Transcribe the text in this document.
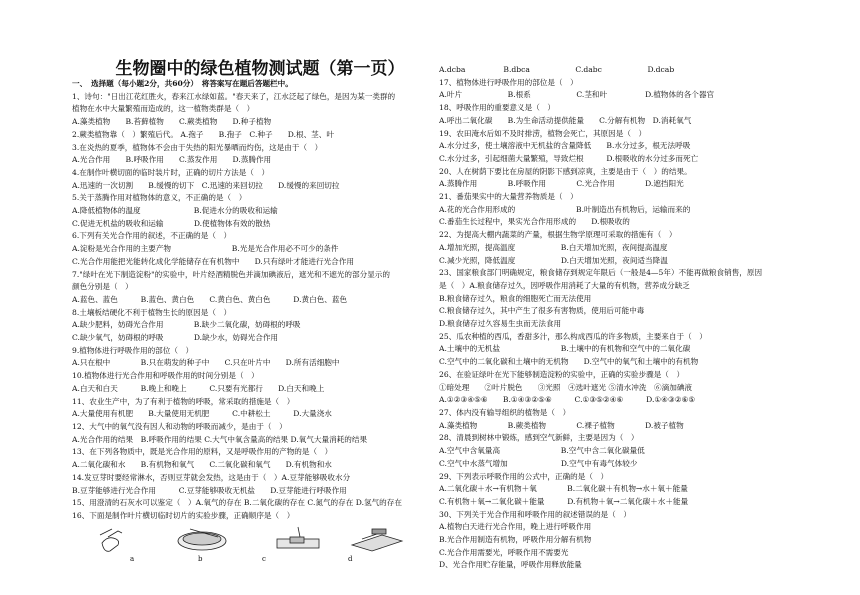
生物圈中的绿色植物测试题（第一页）
一、　选择题（每小题2分，共60分）　将答案写在题后答题栏中。
1、诗句："日出江花红胜火，春来江水绿如蓝。"春天来了，江水泛起了绿色，是因为某一类群的
植物在水中大量繁殖而造成的，这一植物类群是（　）
A.藻类植物　　B.苔藓植物　　C.蕨类植物　　D.种子植物
2.蕨类植物靠（　）繁殖后代。 A.孢子　　B.孢子　C.种子　　D.根、茎、叶
3.在炎热的夏季，植物体不会由于失热的阳光暴晒而灼伤，这是由于（　）
A.光合作用　　B.呼吸作用　　C.蒸发作用　　D.蒸腾作用
4.在制作叶横切面的临时装片时，正确的切片方法是（　）
A.迅速的一次切割　　B.缓慢的切下　C.迅速的来回切拉　　D.缓慢的来回切拉
5.关于蒸腾作用对植物体的意义，不正确的是（　）
A.降低植物体的温度　　　　　　　B.促进水分的吸收和运输
C.促进无机盐的吸收和运输　　　　D.使植物体有效的散热
6.下列有关光合作用的叙述，不正确的是（　）
A.淀粉是光合作用的主要产物　　　　　　　　B.光是光合作用必不可少的条件
C.光合作用能把光能转化成化学能储存在有机物中　　D.只有绿叶才能进行光合作用
7."绿叶在光下制造淀粉"的实验中，叶片经酒精脱色并滴加碘液后，遮光和不遮光的部分显示的
颜色分别是（　）
A.蓝色、蓝色　　　B.蓝色、黄白色　　C.黄白色、黄白色　　　D.黄白色、蓝色
8.土壤板结硬化不利于植物生长的原因是（　）
A.缺少肥料，妨碍光合作用　　　　B.缺少二氧化碳，妨碍根的呼吸
C.缺少氧气，妨碍根的呼吸　　　　D.缺少水，妨碍光合作用
9.植物体进行呼吸作用的部位（　）
A.只在根中　　　　B.只在萌发的种子中　　C.只在叶片中　　D.所有活细胞中
10.植物体进行光合作用和呼吸作用的时间分别是（　）
A.白天和白天　　　B.晚上和晚上　　　C.只要有光都行　　D.白天和晚上
11、农业生产中，为了有利于植物的呼吸，常采取的措施是（　）
A.大量使用有机肥　　B.大量使用无机肥　　　C.中耕松土　　　D.大量浇水
12、大气中的氧气没有因人和动物的呼吸而减少，是由于（　）
A.光合作用的结果　B.呼吸作用的结果 C.大气中氧含量高的结果 D.氧气大量消耗的结果
13、在下列各物质中，既是光合作用的原料，又是呼吸作用的产物的是（　）
A.二氧化碳和水　　B.有机物和氧气　　C.二氧化碳和氧气　　D.有机物和水
14.发豆芽时要经常淋水，否则豆芽就会发热，这是由于（　）A.豆芽能够吸收水分
B.豆芽能够进行光合作用　　　C.豆芽能够吸收无机盐　　D.豆芽能进行呼吸作用
15、用澄清的石灰水可以鉴定（　）A.氧气的存在 B.二氧化碳的存在 C.氮气的存在 D.氢气的存在
16、下面是制作叶片横切临时切片的实验步骤，正确顺序是（　）
a	b	c	d
A.dcba　　　　　B.dbca　　　　　　C.dabc　　　　　　D.dcab
17、植物体进行呼吸作用的部位是（　）
A.叶片　　　　　　B.根系　　　　　　C.茎和叶　　　　　D.植物体的各个器官
18、呼吸作用的重要意义是（　）
A.呼出二氧化碳　　B.为生命活动提供能量　　C.分解有机物　D.消耗氧气
19、农田淹水后如不及时排涝，植物会死亡，其原因是（　）
A.水分过多，使土壤溶液中无机盐的含量降低　　B.水分过多，根无法呼吸
C.水分过多，引起细菌大量繁殖，导致烂根　　　D.根吸收的水分过多而死亡
20、人在树荫下要比在房屋的阴影下感到凉爽，主要是由于（　）的结果。
A.蒸腾作用　　　　B.呼吸作用　　　　C.光合作用　　　　D.遮挡阳光
21、番茄果实中的大量营养物质是（　）
A.花的光合作用形成的　　　　　　　　B.叶制造出有机物后，运输而来的
C.番茄生长过程中，果实光合作用形成的　　D.根吸收的
22、为提高大棚内蔬菜的产量，根据生物学原理可采取的措施有（　）
A.增加光照，提高温度　　　　　　B.白天增加光照，夜间提高温度
C.减少光照，降低温度　　　　　　D.白天增加光照，夜间适当降温
23、国家粮食部门明确规定，粮食储存到规定年限后（一般是4—5年）不能再做粮食销售，原因
是（　）A.粮食储存过久，因呼吸作用消耗了大量的有机物，营养成分缺乏
B.粮食储存过久，粮食的细胞死亡而无法使用
C.粮食储存过久，其中产生了很多有害物质，使用后可能中毒
D.粮食储存过久容易生虫而无法食用
25、瓜农种植的西瓜，香甜多汁，那么构成西瓜的许多物质，主要来自于（　）
A.土壤中的无机盐　　　　　　　　B.土壤中的有机物和空气中的二氧化碳
C.空气中的二氧化碳和土壤中的无机物　　D.空气中的氧气和土壤中的有机物
26、在验证绿叶在光下能够制造淀粉的实验中，正确的实验步骤是（　）
①暗处理　　②叶片脱色　　③光照　④选叶遮光 ⑤清水冲洗　⑥滴加碘液
A.①②③④⑤⑥　　B.①④③②⑤⑥　　　C.①③⑤②④⑥　　　D.①④③②⑥⑤
27、体内没有输导组织的植物是（　）
A.藻类植物　　　　B.蕨类植物　　　　C.裸子植物　　　　D.被子植物
28、清晨到树林中锻炼，感到空气新鲜，主要是因为（　）
A.空气中含氧量高　　　　　　　　B.空气中含二氧化碳量低
C.空气中水蒸气增加　　　　　　　D.空气中有毒气体较少
29、下列表示呼吸作用的公式中，正确的是（　）
A.二氧化碳＋水→有机物＋氧　　　　B.二氧化碳＋有机物→水＋氧＋能量
C.有机物＋氧→二氧化碳＋能量　　　D.有机物＋氧→二氧化碳＋水＋能量
30、下列关于光合作用和呼吸作用的叙述错误的是（　）
A.植物白天进行光合作用，晚上进行呼吸作用
B.光合作用制造有机物，呼吸作用分解有机物
C.光合作用需要光，呼吸作用不需要光
D、光合作用贮存能量，呼吸作用释放能量
